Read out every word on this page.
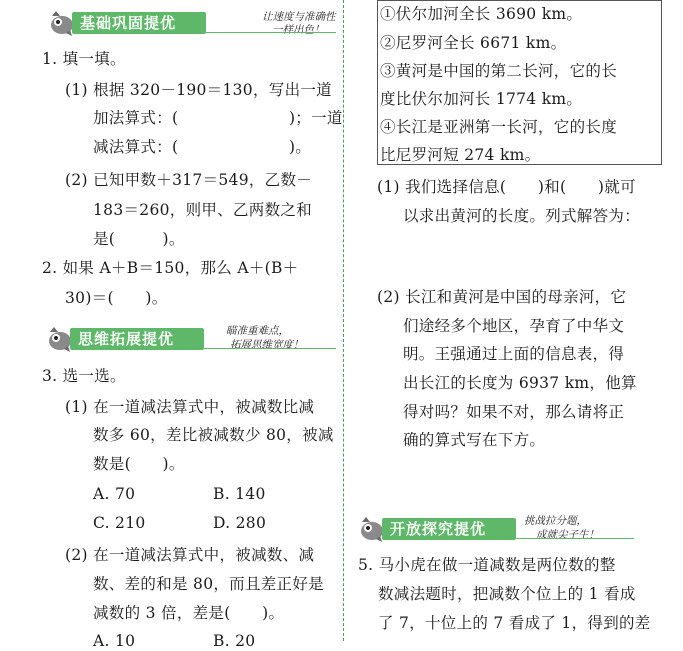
基础巩固提优	让速度与准确性
一样出色！
1. 填一填。
(1) 根据 320－190＝130，写出一道
加法算式：(　　　　　　　)；一道
减法算式：(　　　　　　　)。
(2) 已知甲数＋317＝549，乙数－
183＝260，则甲、乙两数之和
是(　　　)。
2. 如果 A＋B＝150，那么 A＋(B＋
30)＝(　　)。
思维拓展提优	瞄准重难点，
拓展思维宽度！
3. 选一选。
(1) 在一道减法算式中，被减数比减
数多 60，差比被减数少 80，被减
数是(　　)。
A. 70	B. 140
C. 210	D. 280
(2) 在一道减法算式中，被减数、减
数、差的和是 80，而且差正好是
减数的 3 倍，差是(　　)。
A. 10	B. 20
①伏尔加河全长 3690 km。
②尼罗河全长 6671 km。
③黄河是中国的第二长河，它的长
度比伏尔加河长 1774 km。
④长江是亚洲第一长河，它的长度
比尼罗河短 274 km。
(1) 我们选择信息(　　)和(　　)就可
以求出黄河的长度。列式解答为：
(2) 长江和黄河是中国的母亲河，它
们途经多个地区，孕育了中华文
明。王强通过上面的信息表，得
出长江的长度为 6937 km，他算
得对吗？如果不对，那么请将正
确的算式写在下方。
开放探究提优	挑战拉分题，
成就尖子生！
5. 马小虎在做一道减数是两位数的整
数减法题时，把减数个位上的 1 看成
了 7，十位上的 7 看成了 1，得到的差
